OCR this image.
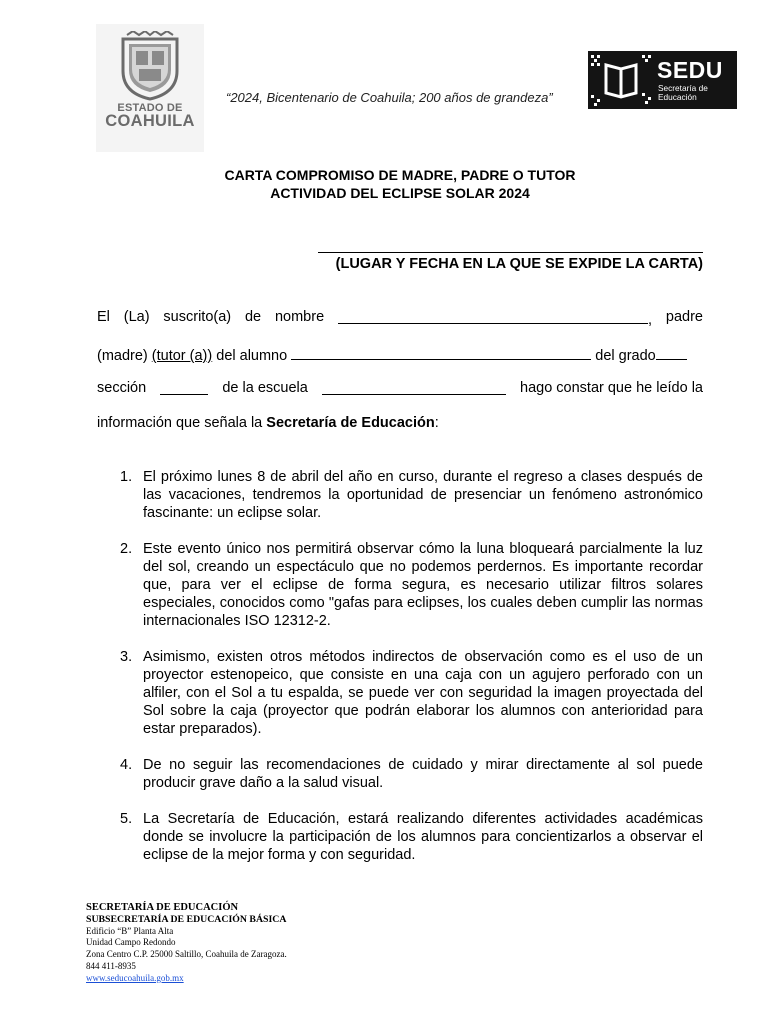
ESTADO DE
COAHUILA
“2024, Bicentenario de Coahuila; 200 años de grandeza”
SEDU
Secretaría de
Educación
CARTA COMPROMISO DE MADRE, PADRE O TUTOR
ACTIVIDAD DEL ECLIPSE SOLAR 2024
(LUGAR Y FECHA EN LA QUE SE EXPIDE LA CARTA)
El (La) suscrito(a) de nombre	, padre
(madre) (tutor (a)) del alumno	del grado
sección	de la escuela	hago constar que he leído la
información que señala la Secretaría de Educación:
1. El próximo lunes 8 de abril del año en curso, durante el regreso a clases después de las vacaciones, tendremos la oportunidad de presenciar un fenómeno astronómico fascinante: un eclipse solar.
2. Este evento único nos permitirá observar cómo la luna bloqueará parcialmente la luz del sol, creando un espectáculo que no podemos perdernos. Es importante recordar que, para ver el eclipse de forma segura, es necesario utilizar filtros solares especiales, conocidos como "gafas para eclipses, los cuales deben cumplir las normas internacionales ISO 12312-2.
3. Asimismo, existen otros métodos indirectos de observación como es el uso de un proyector estenopeico, que consiste en una caja con un agujero perforado con un alfiler, con el Sol a tu espalda, se puede ver con seguridad la imagen proyectada del Sol sobre la caja (proyector que podrán elaborar los alumnos con anterioridad para estar preparados).
4. De no seguir las recomendaciones de cuidado y mirar directamente al sol puede producir grave daño a la salud visual.
5. La Secretaría de Educación, estará realizando diferentes actividades académicas donde se involucre la participación de los alumnos para concientizarlos a observar el eclipse de la mejor forma y con seguridad.
SECRETARÍA DE EDUCACIÓN
SUBSECRETARÍA DE EDUCACIÓN BÁSICA
Edificio “B” Planta Alta
Unidad Campo Redondo
Zona Centro C.P. 25000 Saltillo, Coahuila de Zaragoza.
844 411-8935
www.seducoahuila.gob.mx
